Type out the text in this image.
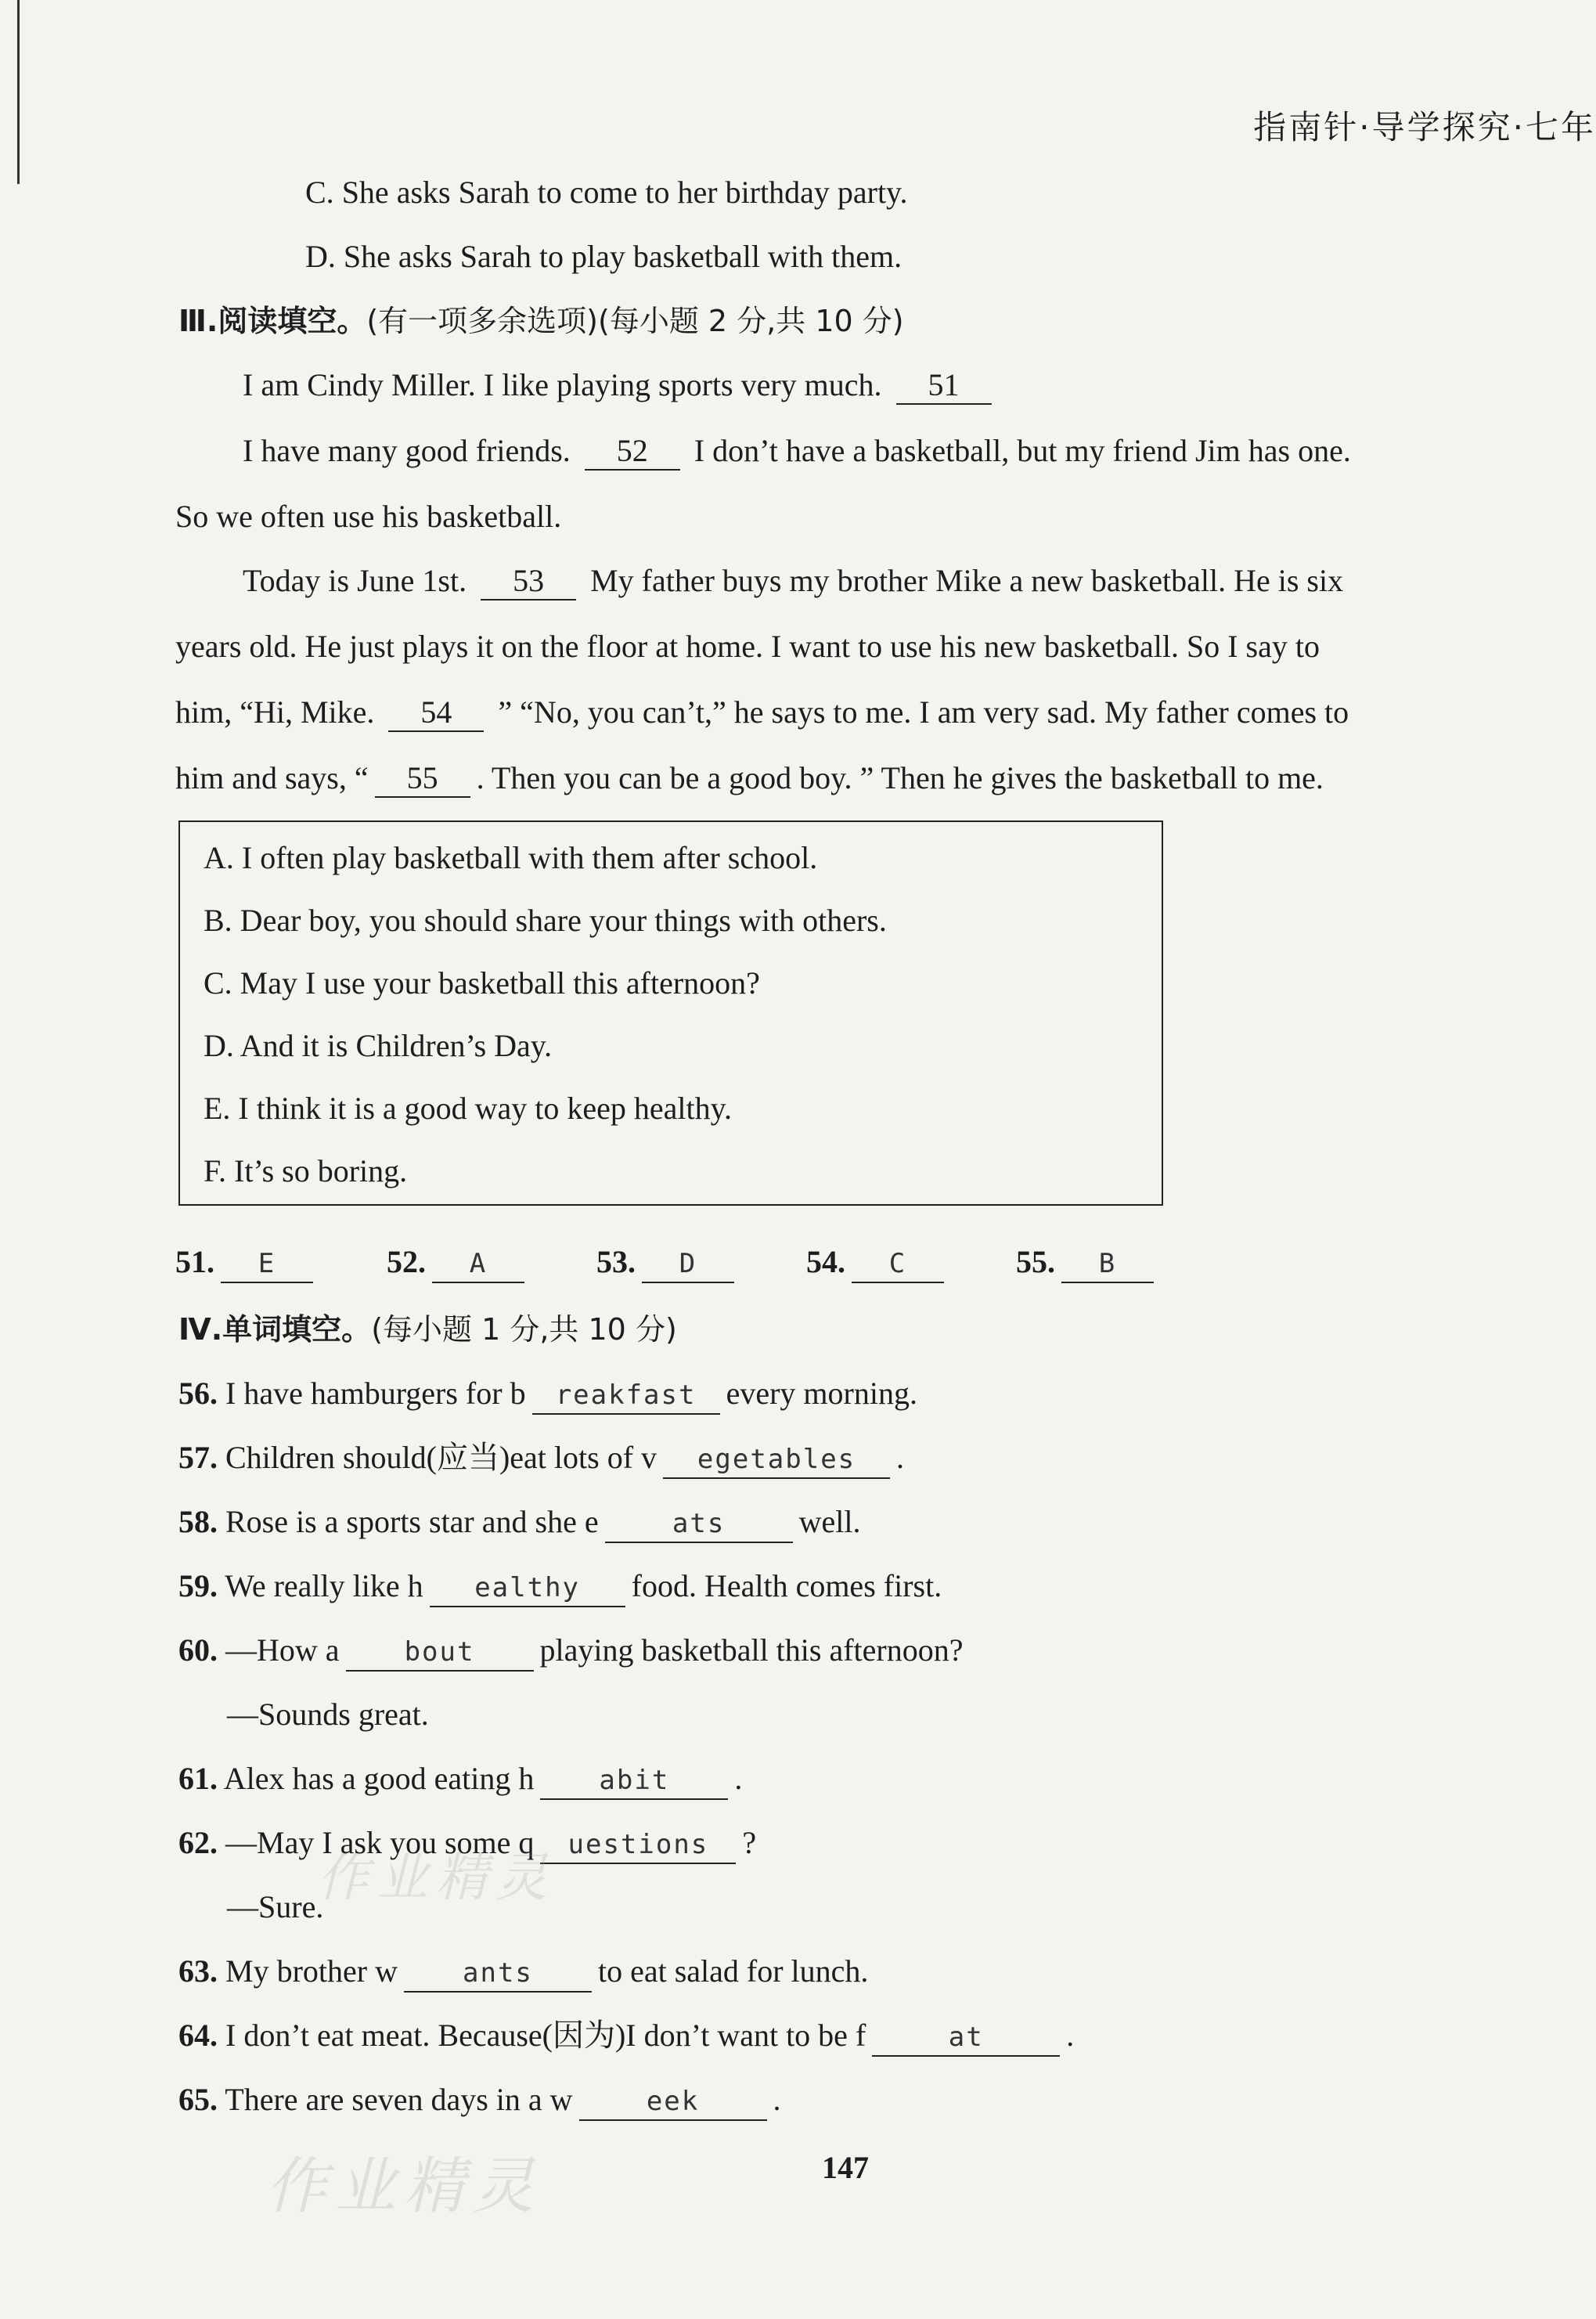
指南针·导学探究·七年
C. She asks Sarah to come to her birthday party.
D. She asks Sarah to play basketball with them.
Ⅲ.阅读填空。(有一项多余选项)(每小题 2 分,共 10 分)
I am Cindy Miller. I like playing sports very much. 51
I have many good friends. 52 I don’t have a basketball, but my friend Jim has one.
So we often use his basketball.
Today is June 1st. 53 My father buys my brother Mike a new basketball. He is six
years old. He just plays it on the floor at home. I want to use his new basketball. So I say to
him, “Hi, Mike. 54 ” “No, you can’t,” he says to me. I am very sad. My father comes to
him and says, “ 55 . Then you can be a good boy. ” Then he gives the basketball to me.
A. I often play basketball with them after school.
B. Dear boy, you should share your things with others.
C. May I use your basketball this afternoon?
D. And it is Children’s Day.
E. I think it is a good way to keep healthy.
F. It’s so boring.
51. E	52. A	53. D	54. C	55. B
Ⅳ.单词填空。(每小题 1 分,共 10 分)
56. I have hamburgers for b reakfast every morning.
57. Children should(应当)eat lots of v egetables .
58. Rose is a sports star and she e	ats well.
59. We really like h ealthy food. Health comes first.
60. —How a bout playing basketball this afternoon?
—Sounds great.
61. Alex has a good eating h abit .
62. —May I ask you some q uestions ?
—Sure.
63. My brother w ants to eat salad for lunch.
64. I don’t eat meat. Because(因为)I don’t want to be f	at	.
65. There are seven days in a w	eek .
作业精灵
作业精灵	147
